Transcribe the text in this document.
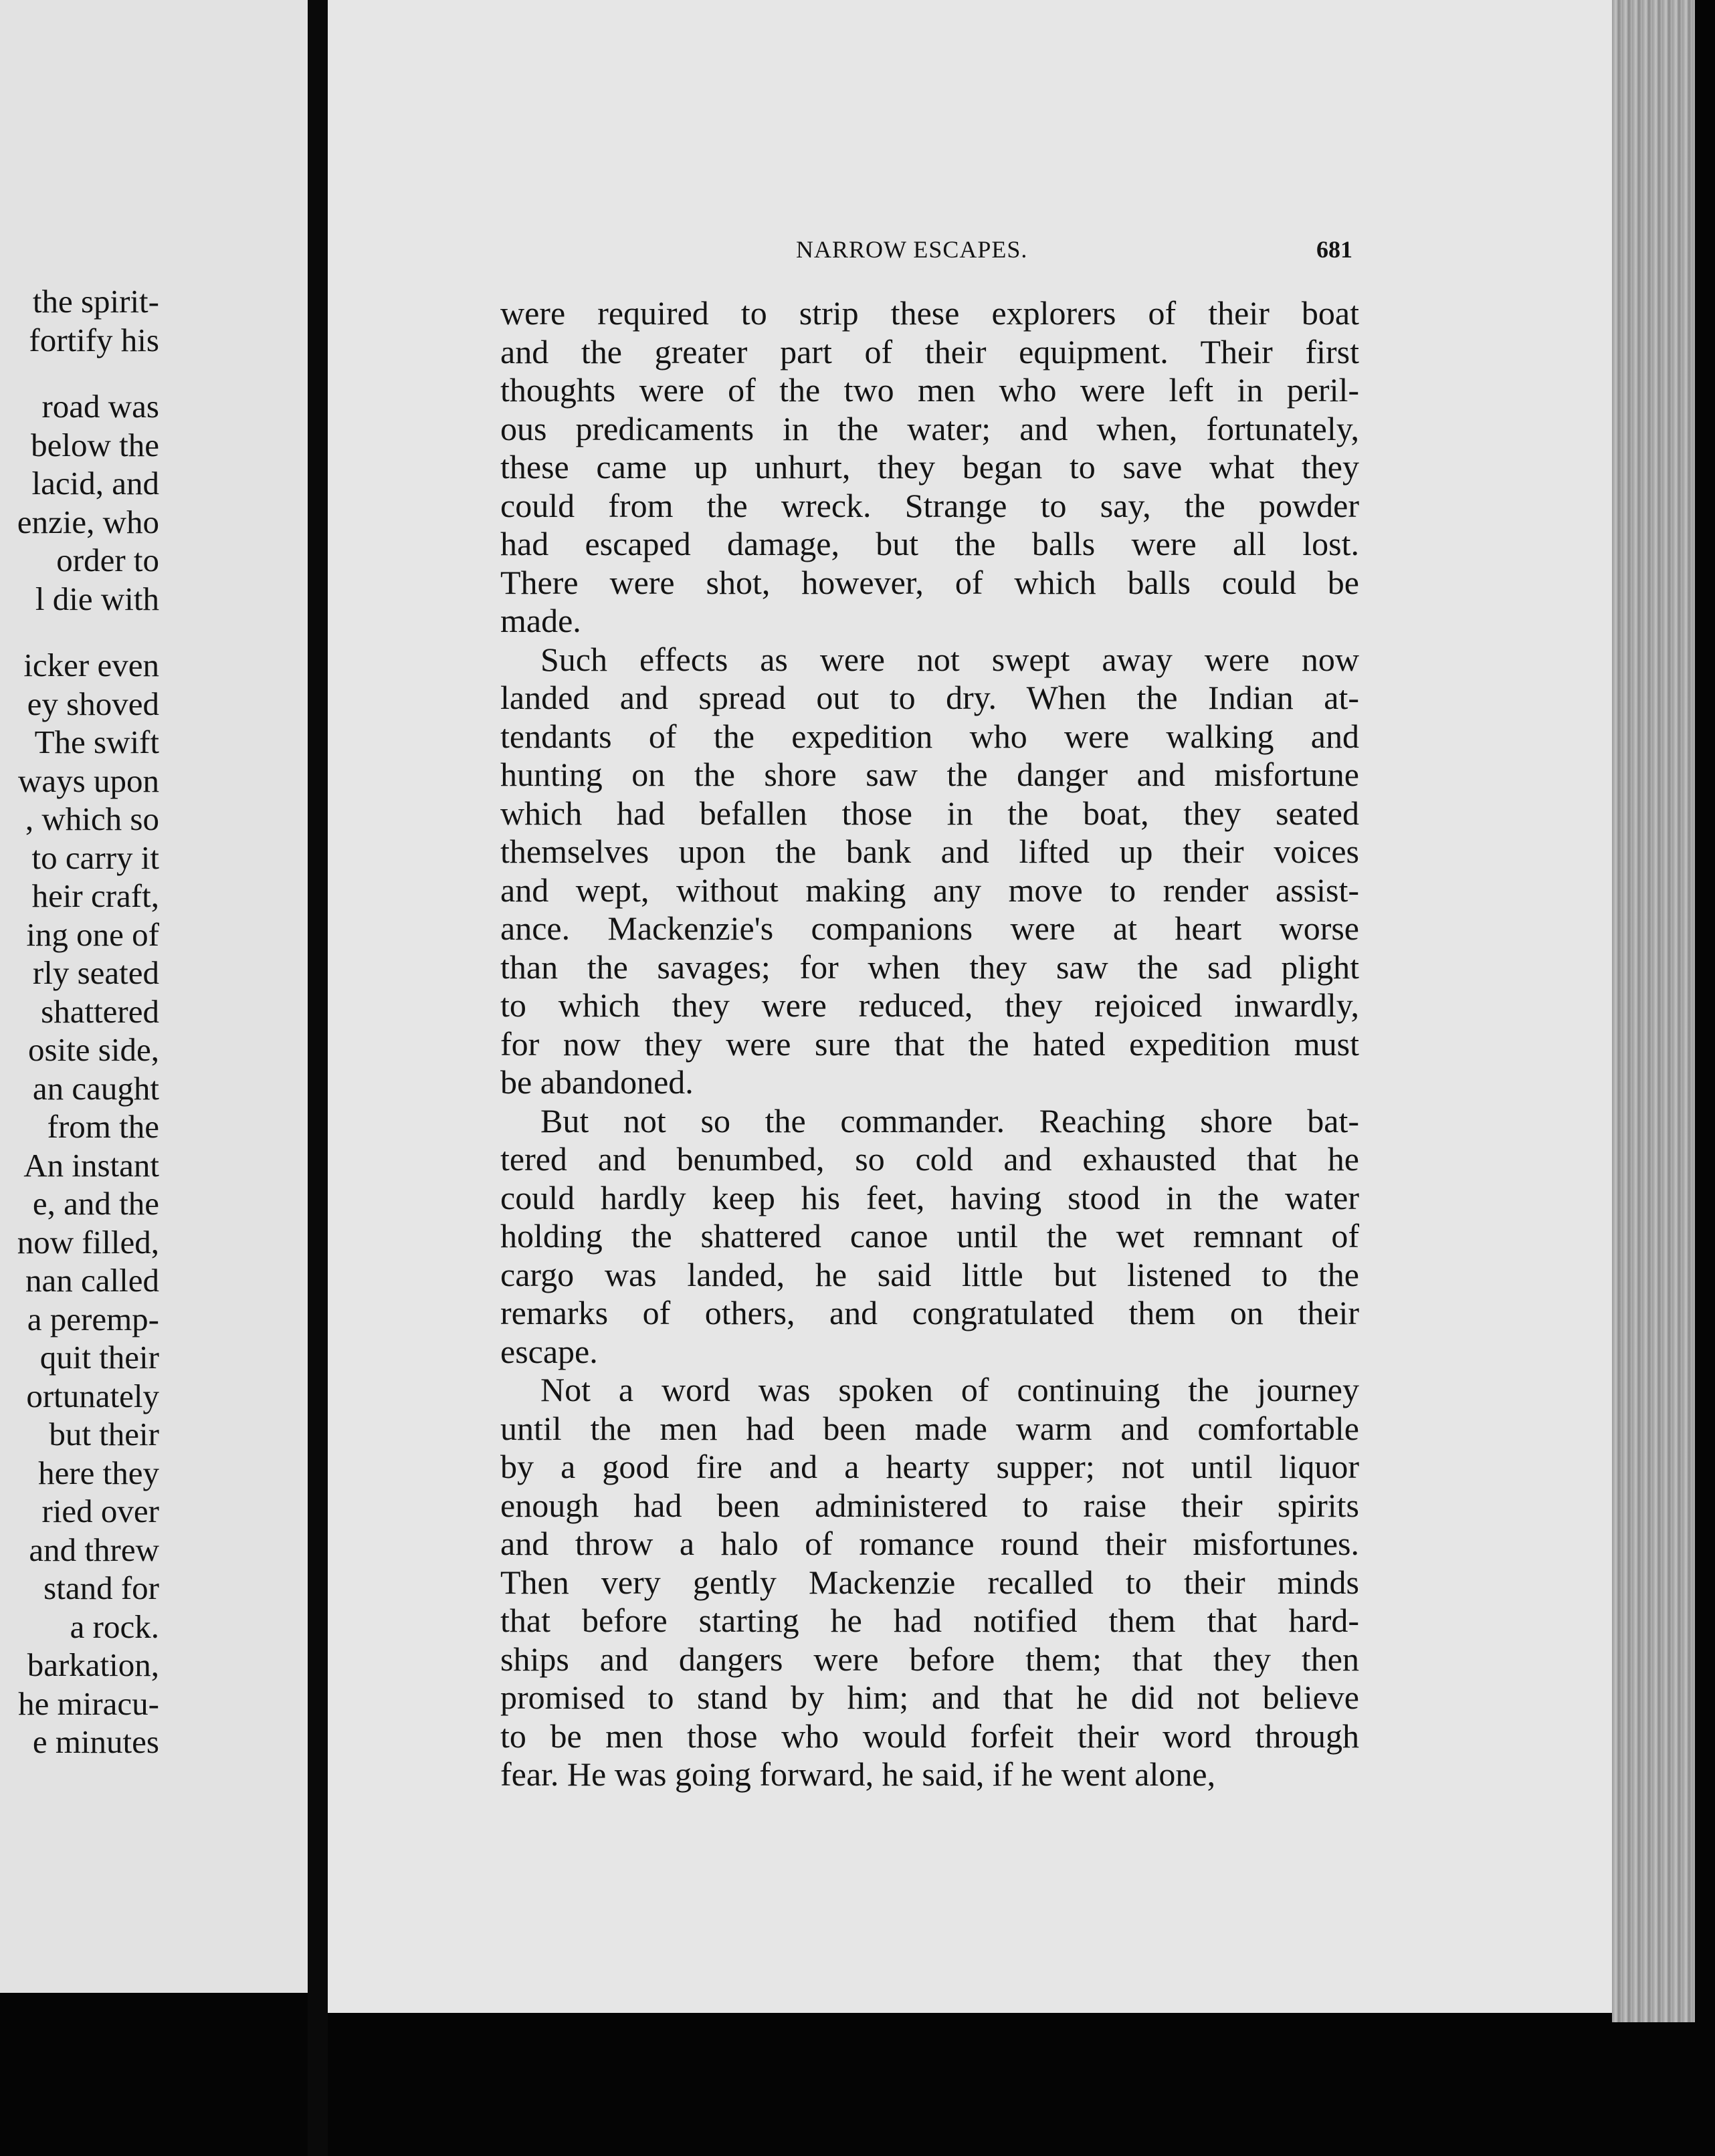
the spirit-
fortify his
road was
below the
lacid, and
enzie, who
order to
l die with
icker even
ey shoved
The swift
ways upon
, which so
to carry it
heir craft,
ing one of
rly seated
shattered
osite side,
an caught
from the
An instant
e, and the
now filled,
nan called
a peremp-
quit their
ortunately
but their
here they
ried over
and threw
stand for
a rock.
barkation,
he miracu-
e minutes
NARROW ESCAPES.	681
were required to strip these explorers of their boat
and the greater part of their equipment. Their first
thoughts were of the two men who were left in peril-
ous predicaments in the water; and when, fortunately,
these came up unhurt, they began to save what they
could from the wreck. Strange to say, the powder
had escaped damage, but the balls were all lost.
There were shot, however, of which balls could be
made.
Such effects as were not swept away were now
landed and spread out to dry. When the Indian at-
tendants of the expedition who were walking and
hunting on the shore saw the danger and misfortune
which had befallen those in the boat, they seated
themselves upon the bank and lifted up their voices
and wept, without making any move to render assist-
ance. Mackenzie's companions were at heart worse
than the savages; for when they saw the sad plight
to which they were reduced, they rejoiced inwardly,
for now they were sure that the hated expedition must
be abandoned.
But not so the commander. Reaching shore bat-
tered and benumbed, so cold and exhausted that he
could hardly keep his feet, having stood in the water
holding the shattered canoe until the wet remnant of
cargo was landed, he said little but listened to the
remarks of others, and congratulated them on their
escape.
Not a word was spoken of continuing the journey
until the men had been made warm and comfortable
by a good fire and a hearty supper; not until liquor
enough had been administered to raise their spirits
and throw a halo of romance round their misfortunes.
Then very gently Mackenzie recalled to their minds
that before starting he had notified them that hard-
ships and dangers were before them; that they then
promised to stand by him; and that he did not believe
to be men those who would forfeit their word through
fear. He was going forward, he said, if he went alone,
